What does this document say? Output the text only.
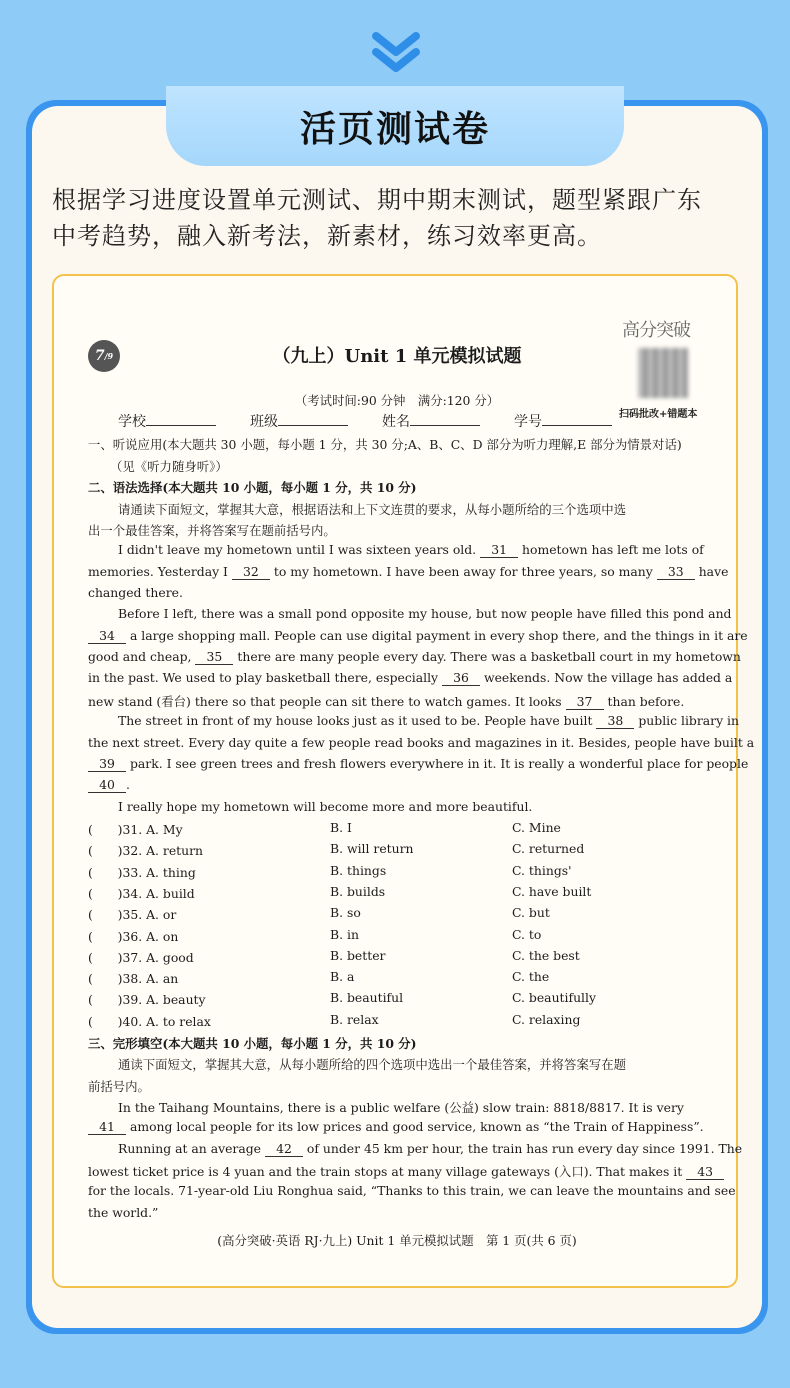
活页测试卷
根据学习进度设置单元测试、期中期末测试，题型紧跟广东
中考趋势，融入新考法，新素材，练习效率更高。
7 /9
高分突破
扫码批改+错题本
（九上）Unit 1 单元模拟试题
（考试时间:90 分钟　满分:120 分）
学校	班级	姓名	学号
一、听说应用(本大题共 30 小题，每小题 1 分，共 30 分;A、B、C、D 部分为听力理解,E 部分为情景对话)
（见《听力随身听》）
二、语法选择(本大题共 10 小题，每小题 1 分，共 10 分)
请通读下面短文，掌握其大意，根据语法和上下文连贯的要求，从每小题所给的三个选项中选
出一个最佳答案，并将答案写在题前括号内。
I didn't leave my hometown until I was sixteen years old. 31 hometown has left me lots of
memories. Yesterday I 32 to my hometown. I have been away for three years, so many 33 have
changed there.
Before I left, there was a small pond opposite my house, but now people have filled this pond and
34 a large shopping mall. People can use digital payment in every shop there, and the things in it are
good and cheap, 35 there are many people every day. There was a basketball court in my hometown
in the past. We used to play basketball there, especially 36 weekends. Now the village has added a
new stand (看台) there so that people can sit there to watch games. It looks 37 than before.
The street in front of my house looks just as it used to be. People have built 38 public library in
the next street. Every day quite a few people read books and magazines in it. Besides, people have built a
39 park. I see green trees and fresh flowers everywhere in it. It is really a wonderful place for people
40 .
I really hope my hometown will become more and more beautiful.
(　　)31. A. My	B. I	C. Mine
(　　)32. A. return	B. will return	C. returned
(　　)33. A. thing	B. things	C. things'
(　　)34. A. build	B. builds	C. have built
(　　)35. A. or	B. so	C. but
(　　)36. A. on	B. in	C. to
(　　)37. A. good	B. better	C. the best
(　　)38. A. an	B. a	C. the
(　　)39. A. beauty	B. beautiful	C. beautifully
(　　)40. A. to relax	B. relax	C. relaxing
三、完形填空(本大题共 10 小题，每小题 1 分，共 10 分)
通读下面短文，掌握其大意，从每小题所给的四个选项中选出一个最佳答案，并将答案写在题
前括号内。
In the Taihang Mountains, there is a public welfare (公益) slow train: 8818/8817. It is very
41 among local people for its low prices and good service, known as “the Train of Happiness”.
Running at an average 42 of under 45 km per hour, the train has run every day since 1991. The
lowest ticket price is 4 yuan and the train stops at many village gateways (入口). That makes it 43
for the locals. 71-year-old Liu Ronghua said, “Thanks to this train, we can leave the mountains and see
the world.”
(高分突破·英语 RJ·九上) Unit 1 单元模拟试题　第 1 页(共 6 页)
